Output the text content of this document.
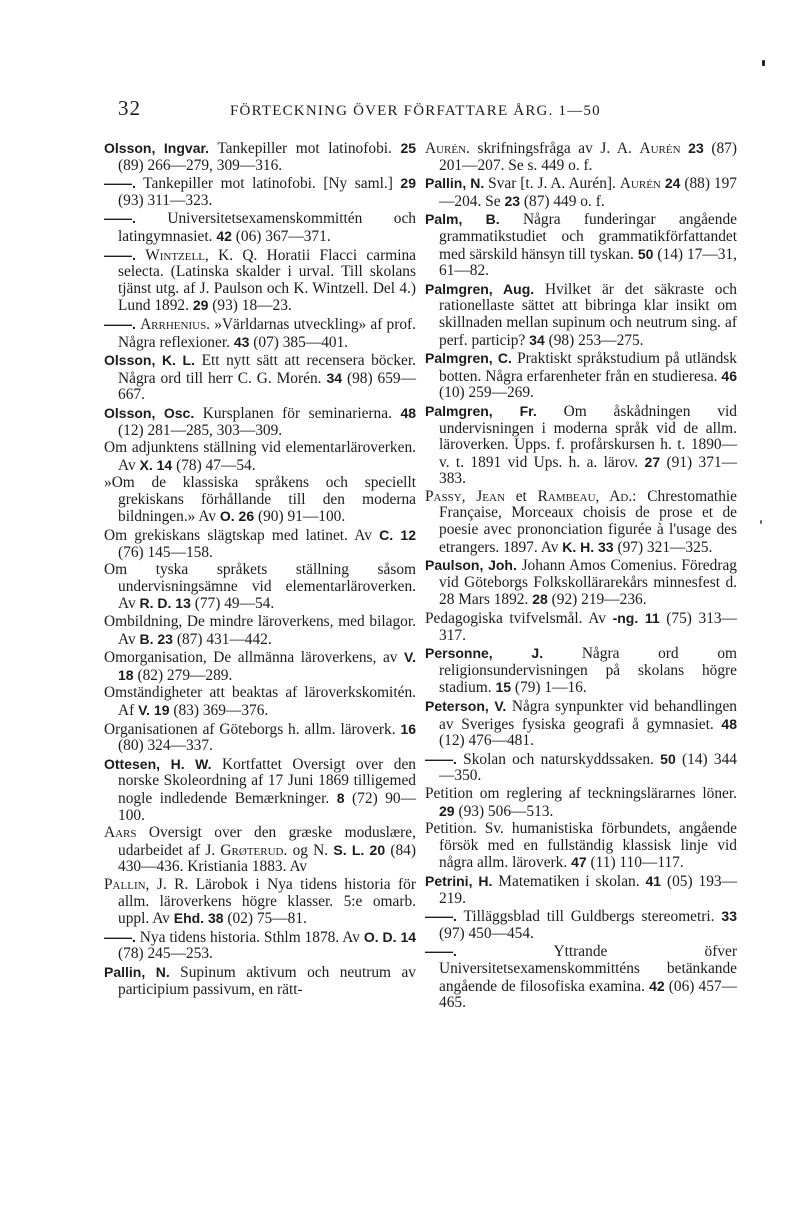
32	FÖRTECKNING ÖVER FÖRFATTARE ÅRG. 1—50
Olsson, Ingvar. Tankepiller mot latinofobi. 25 (89) 266—279, 309—316.
——. Tankepiller mot latinofobi. [Ny saml.] 29 (93) 311—323.
——. Universitetsexamenskommittén och latingymnasiet. 42 (06) 367—371.
——. Wintzell, K. Q. Horatii Flacci carmina selecta. (Latinska skalder i urval. Till skolans tjänst utg. af J. Paulson och K. Wintzell. Del 4.) Lund 1892. 29 (93) 18—23.
——. Arrhenius. »Världarnas utveckling» af prof. Några reflexioner. 43 (07) 385—401.
Olsson, K. L. Ett nytt sätt att recensera böcker. Några ord till herr C. G. Morén. 34 (98) 659—667.
Olsson, Osc. Kursplanen för seminarierna. 48 (12) 281—285, 303—309.
Om adjunktens ställning vid elementarläroverken. Av X. 14 (78) 47—54.
»Om de klassiska språkens och speciellt grekiskans förhållande till den moderna bildningen.» Av O. 26 (90) 91—100.
Om grekiskans slägtskap med latinet. Av C. 12 (76) 145—158.
Om tyska språkets ställning såsom undervisningsämne vid elementarläroverken. Av R. D. 13 (77) 49—54.
Ombildning, De mindre läroverkens, med bilagor. Av B. 23 (87) 431—442.
Omorganisation, De allmänna läroverkens, av V. 18 (82) 279—289.
Omständigheter att beaktas af läroverkskomitén. Af V. 19 (83) 369—376.
Organisationen af Göteborgs h. allm. läroverk. 16 (80) 324—337.
Ottesen, H. W. Kortfattet Oversigt over den norske Skoleordning af 17 Juni 1869 tilligemed nogle indledende Bemærkninger. 8 (72) 90—100.
Aars Oversigt over den græske moduslære, udarbeidet af J. Grøterud. og N. S. L. 20 (84) 430—436. Kristiania 1883. Av
Pallin, J. R. Lärobok i Nya tidens historia för allm. läroverkens högre klasser. 5:e omarb. uppl. Av Ehd. 38 (02) 75—81.
——. Nya tidens historia. Sthlm 1878. Av O. D. 14 (78) 245—253.
Pallin, N. Supinum aktivum och neutrum av participium passivum, en rätt-
Aurén. skrifningsfråga av J. A. Aurén 23 (87) 201—207. Se s. 449 o. f.
Pallin, N. Svar [t. J. A. Aurén]. Aurén 24 (88) 197—204. Se 23 (87) 449 o. f.
Palm, B. Några funderingar angående grammatikstudiet och grammatikförfattandet med särskild hänsyn till tyskan. 50 (14) 17—31, 61—82.
Palmgren, Aug. Hvilket är det säkraste och rationellaste sättet att bibringa klar insikt om skillnaden mellan supinum och neutrum sing. af perf. particip? 34 (98) 253—275.
Palmgren, C. Praktiskt språkstudium på utländsk botten. Några erfarenheter från en studieresa. 46 (10) 259—269.
Palmgren, Fr. Om åskådningen vid undervisningen i moderna språk vid de allm. läroverken. Upps. f. profårskursen h. t. 1890—v. t. 1891 vid Ups. h. a. lärov. 27 (91) 371—383.
Passy, Jean et Rambeau, Ad.: Chrestomathie Française, Morceaux choisis de prose et de poesie avec prononciation figurée à l'usage des etrangers. 1897. Av K. H. 33 (97) 321—325.
Paulson, Joh. Johann Amos Comenius. Föredrag vid Göteborgs Folkskollärarekårs minnesfest d. 28 Mars 1892. 28 (92) 219—236.
Pedagogiska tvifvelsmål. Av -ng. 11 (75) 313—317.
Personne, J.	Några ord om religionsundervisningen på skolans högre stadium. 15 (79) 1—16.
Peterson, V. Några synpunkter vid behandlingen av Sveriges fysiska geografi å gymnasiet. 48 (12) 476—481.
——. Skolan och naturskyddssaken. 50 (14) 344—350.
Petition om reglering af teckningslärarnes löner. 29 (93) 506—513.
Petition. Sv. humanistiska förbundets, angående försök med en fullständig klassisk linje vid några allm. läroverk. 47 (11) 110—117.
Petrini, H. Matematiken i skolan. 41 (05) 193—219.
——. Tilläggsblad till Guldbergs stereometri. 33 (97) 450—454.
——.	Yttrande öfver Universitetsexamenskommitténs betänkande angående de filosofiska examina. 42 (06) 457—465.
